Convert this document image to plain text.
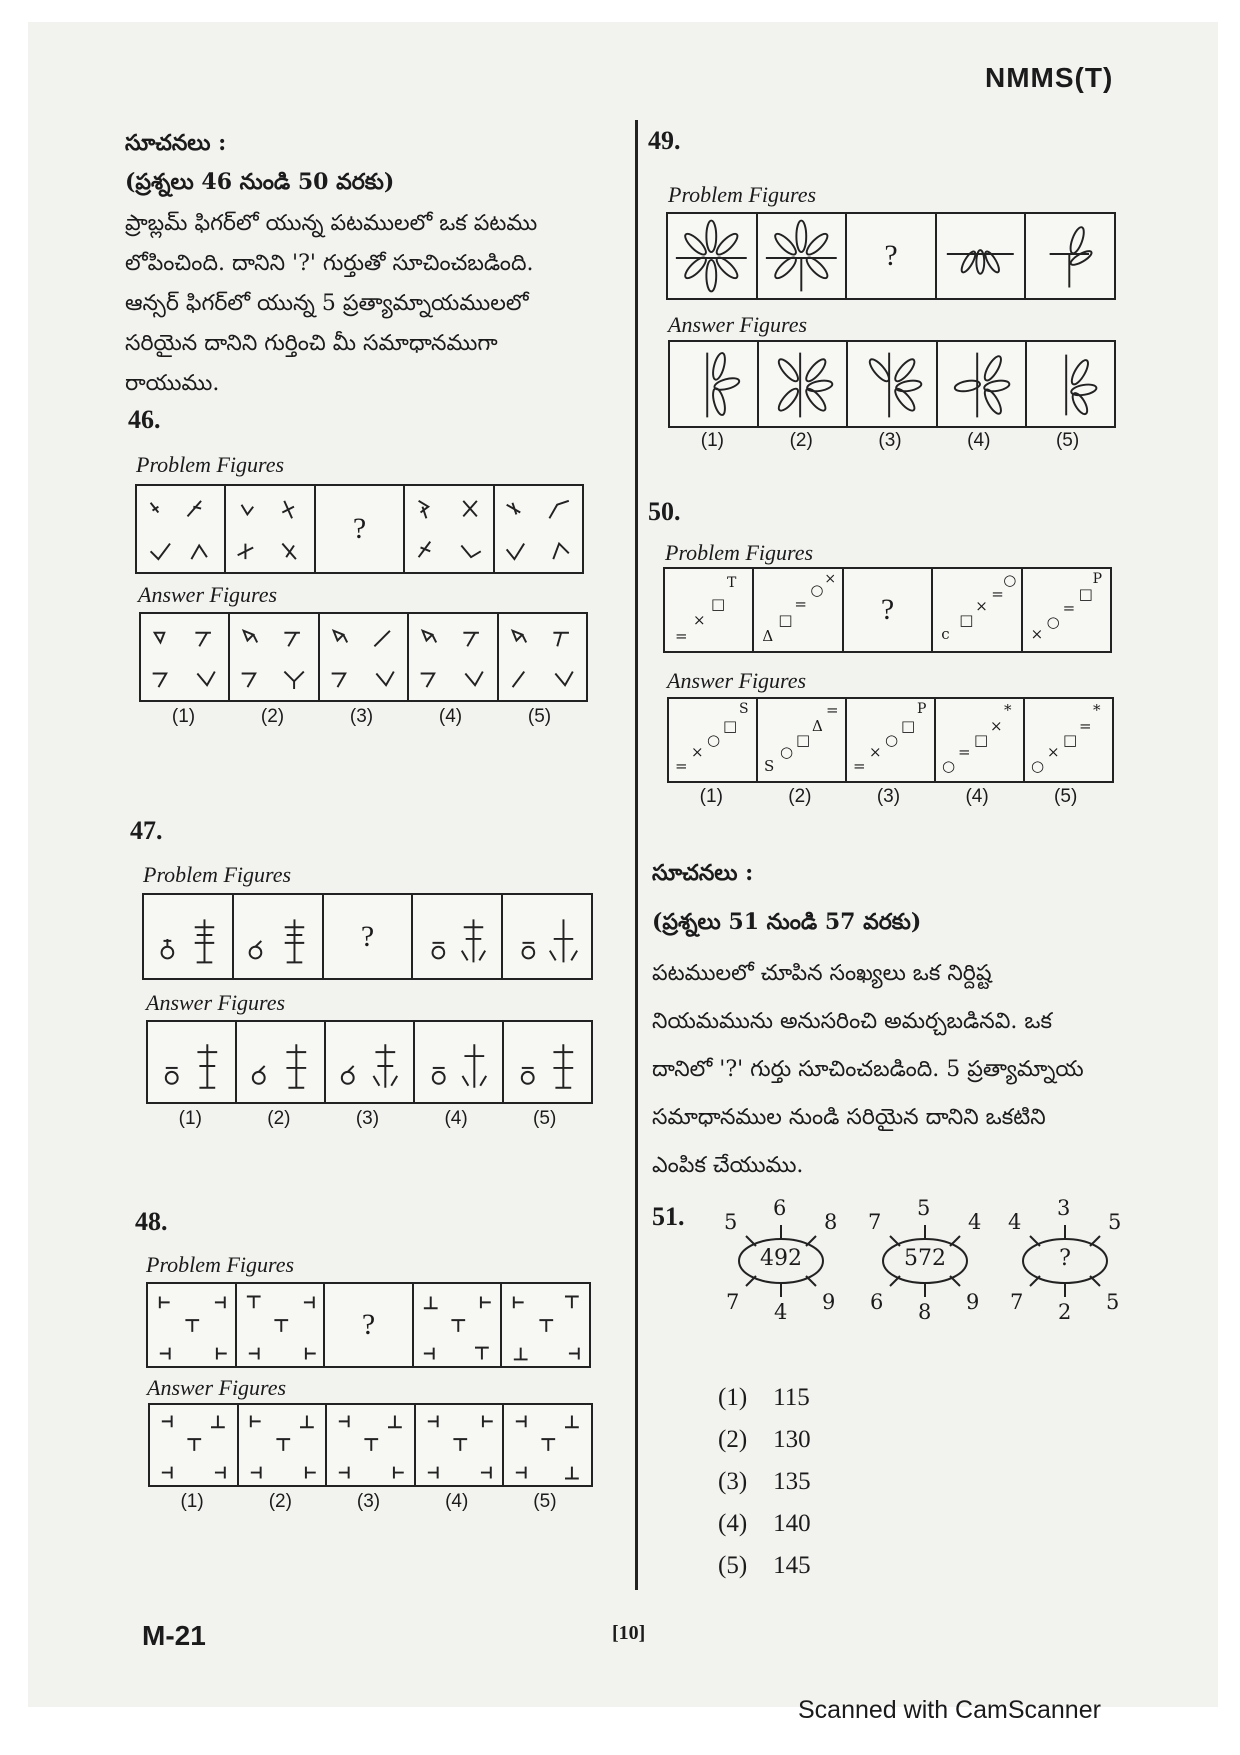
NMMS(T)
సూచనలు :
(ప్రశ్నలు 46 నుండి 50 వరకు)
ప్రాబ్లమ్ ఫిగర్‌లో యున్న పటములలో ఒక పటము
లోపించింది. దానిని '?' గుర్తుతో సూచించబడింది.
ఆన్సర్ ఫిగర్‌లో యున్న 5 ప్రత్యామ్నాయములలో
సరియైన దానిని గుర్తించి మీ సమాధానముగా
రాయుము.
46.
Problem Figures
?
Answer Figures
(1)	(2)	(3)	(4)	(5)
47.
Problem Figures
?
Answer Figures
(1)	(2)	(3)	(4)	(5)
48.
Problem Figures
?
Answer Figures
(1)	(2)	(3)	(4)	(5)
49.
Problem Figures
?
Answer Figures
(1)	(2)	(3)	(4)	(5)
50.
Problem Figures
=
×
□
T
Δ
□
=
○
×
?
c
□
×
=
○
×
○
=
□
P
Answer Figures
=
×
○
□
S
S
○
□
Δ
=
=
×
○
□
P
○
=
□
×
*
○
×
□
=
*
(1)	(2)	(3)	(4)	(5)
సూచనలు :
(ప్రశ్నలు 51 నుండి 57 వరకు)
పటములలో చూపిన సంఖ్యలు ఒక నిర్దిష్ట
నియమమును అనుసరించి అమర్చబడినవి. ఒక
దానిలో '?' గుర్తు సూచించబడింది. 5 ప్రత్యామ్నాయ
సమాధానముల నుండి సరియైన దానిని ఒకటిని
ఎంపిక చేయుము.
51.
492
6
5	8
7 4 9
572
5
7	4
6 8 9
?
3
4	5
7 2 5
(1) 115
(2) 130
(3) 135
(4) 140
(5) 145
M-21	[10]
Scanned with CamScanner
